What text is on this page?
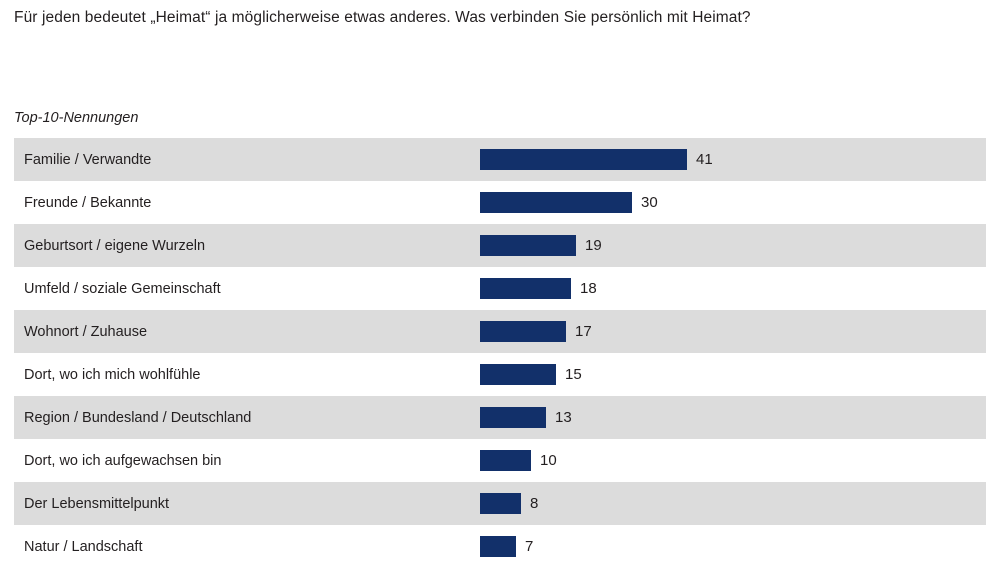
Für jeden bedeutet „Heimat“ ja möglicherweise etwas anderes. Was verbinden Sie persönlich mit Heimat?
Top-10-Nennungen
Familie / Verwandte	41
Freunde / Bekannte	30
Geburtsort / eigene Wurzeln	19
Umfeld / soziale Gemeinschaft	18
Wohnort / Zuhause	17
Dort, wo ich mich wohlfühle	15
Region / Bundesland / Deutschland	13
Dort, wo ich aufgewachsen bin	10
Der Lebensmittelpunkt	8
Natur / Landschaft	7
